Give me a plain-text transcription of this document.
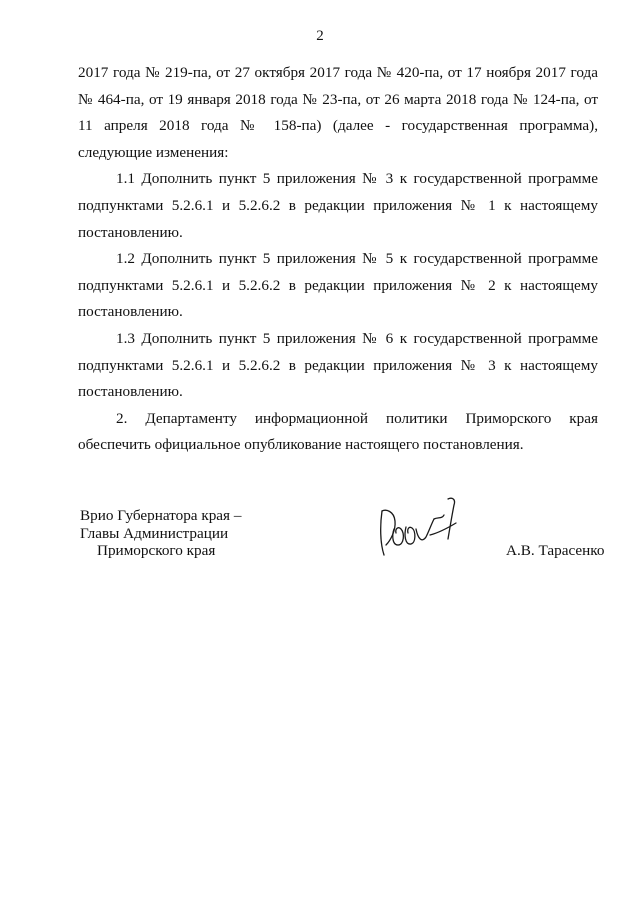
2

2017 года № 219-па, от 27 октября 2017 года № 420-па, от 17 ноября 2017 года № 464-па, от 19 января 2018 года № 23-па, от 26 марта 2018 года № 124-па, от 11 апреля 2018 года № 158-па) (далее - государственная программа), следующие изменения:

1.1 Дополнить пункт 5 приложения № 3 к государственной программе подпунктами 5.2.6.1 и 5.2.6.2 в редакции приложения № 1 к настоящему постановлению.

1.2 Дополнить пункт 5 приложения № 5 к государственной программе подпунктами 5.2.6.1 и 5.2.6.2 в редакции приложения № 2 к настоящему постановлению.

1.3 Дополнить пункт 5 приложения № 6 к государственной программе подпунктами 5.2.6.1 и 5.2.6.2 в редакции приложения № 3 к настоящему постановлению.

2. Департаменту информационной политики Приморского края обеспечить официальное опубликование настоящего постановления.

Врио Губернатора края –
Главы Администрации
Приморского края	А.В. Тарасенко
